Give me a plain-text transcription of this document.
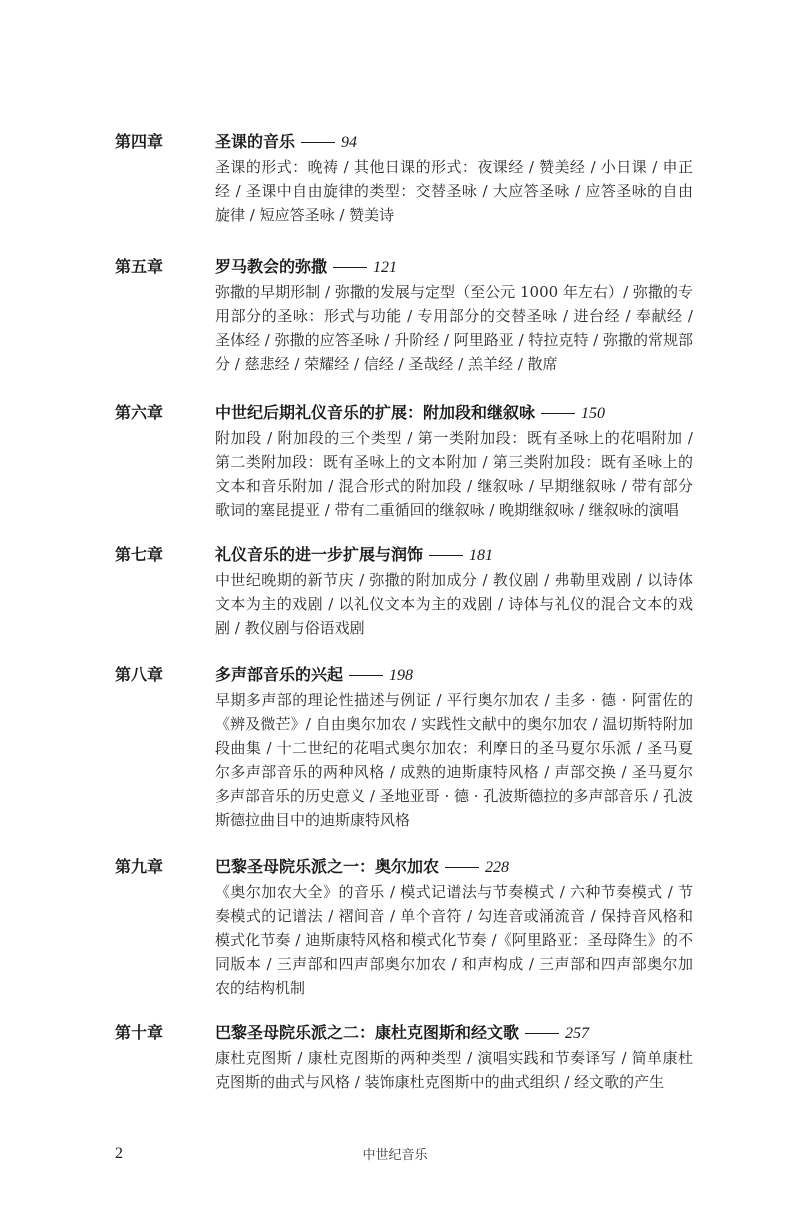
第四章	圣课的音乐	94
圣课的形式：晚祷 / 其他日课的形式：夜课经 / 赞美经 / 小日课 / 申正经 / 圣课中自由旋律的类型：交替圣咏 / 大应答圣咏 / 应答圣咏的自由旋律 / 短应答圣咏 / 赞美诗
第五章	罗马教会的弥撒	121
弥撒的早期形制 / 弥撒的发展与定型（至公元 1000 年左右）/ 弥撒的专用部分的圣咏：形式与功能 / 专用部分的交替圣咏 / 进台经 / 奉献经 / 圣体经 / 弥撒的应答圣咏 / 升阶经 / 阿里路亚 / 特拉克特 / 弥撒的常规部分 / 慈悲经 / 荣耀经 / 信经 / 圣哉经 / 羔羊经 / 散席
第六章	中世纪后期礼仪音乐的扩展：附加段和继叙咏	150
附加段 / 附加段的三个类型 / 第一类附加段：既有圣咏上的花唱附加 / 第二类附加段：既有圣咏上的文本附加 / 第三类附加段：既有圣咏上的文本和音乐附加 / 混合形式的附加段 / 继叙咏 / 早期继叙咏 / 带有部分歌词的塞昆提亚 / 带有二重循回的继叙咏 / 晚期继叙咏 / 继叙咏的演唱
第七章	礼仪音乐的进一步扩展与润饰	181
中世纪晚期的新节庆 / 弥撒的附加成分 / 教仪剧 / 弗勒里戏剧 / 以诗体文本为主的戏剧 / 以礼仪文本为主的戏剧 / 诗体与礼仪的混合文本的戏剧 / 教仪剧与俗语戏剧
第八章	多声部音乐的兴起	198
早期多声部的理论性描述与例证 / 平行奥尔加农 / 圭多 · 德 · 阿雷佐的《辨及微芒》/ 自由奥尔加农 / 实践性文献中的奥尔加农 / 温切斯特附加段曲集 / 十二世纪的花唱式奥尔加农：利摩日的圣马夏尔乐派 / 圣马夏尔多声部音乐的两种风格 / 成熟的迪斯康特风格 / 声部交换 / 圣马夏尔多声部音乐的历史意义 / 圣地亚哥 · 德 · 孔波斯德拉的多声部音乐 / 孔波斯德拉曲目中的迪斯康特风格
第九章	巴黎圣母院乐派之一：奥尔加农	228
《奥尔加农大全》的音乐 / 模式记谱法与节奏模式 / 六种节奏模式 / 节奏模式的记谱法 / 褶间音 / 单个音符 / 勾连音或涌流音 / 保持音风格和模式化节奏 / 迪斯康特风格和模式化节奏 /《阿里路亚：圣母降生》的不同版本 / 三声部和四声部奥尔加农 / 和声构成 / 三声部和四声部奥尔加农的结构机制
第十章	巴黎圣母院乐派之二：康杜克图斯和经文歌	257
康杜克图斯 / 康杜克图斯的两种类型 / 演唱实践和节奏译写 / 简单康杜克图斯的曲式与风格 / 装饰康杜克图斯中的曲式组织 / 经文歌的产生
2	中世纪音乐
